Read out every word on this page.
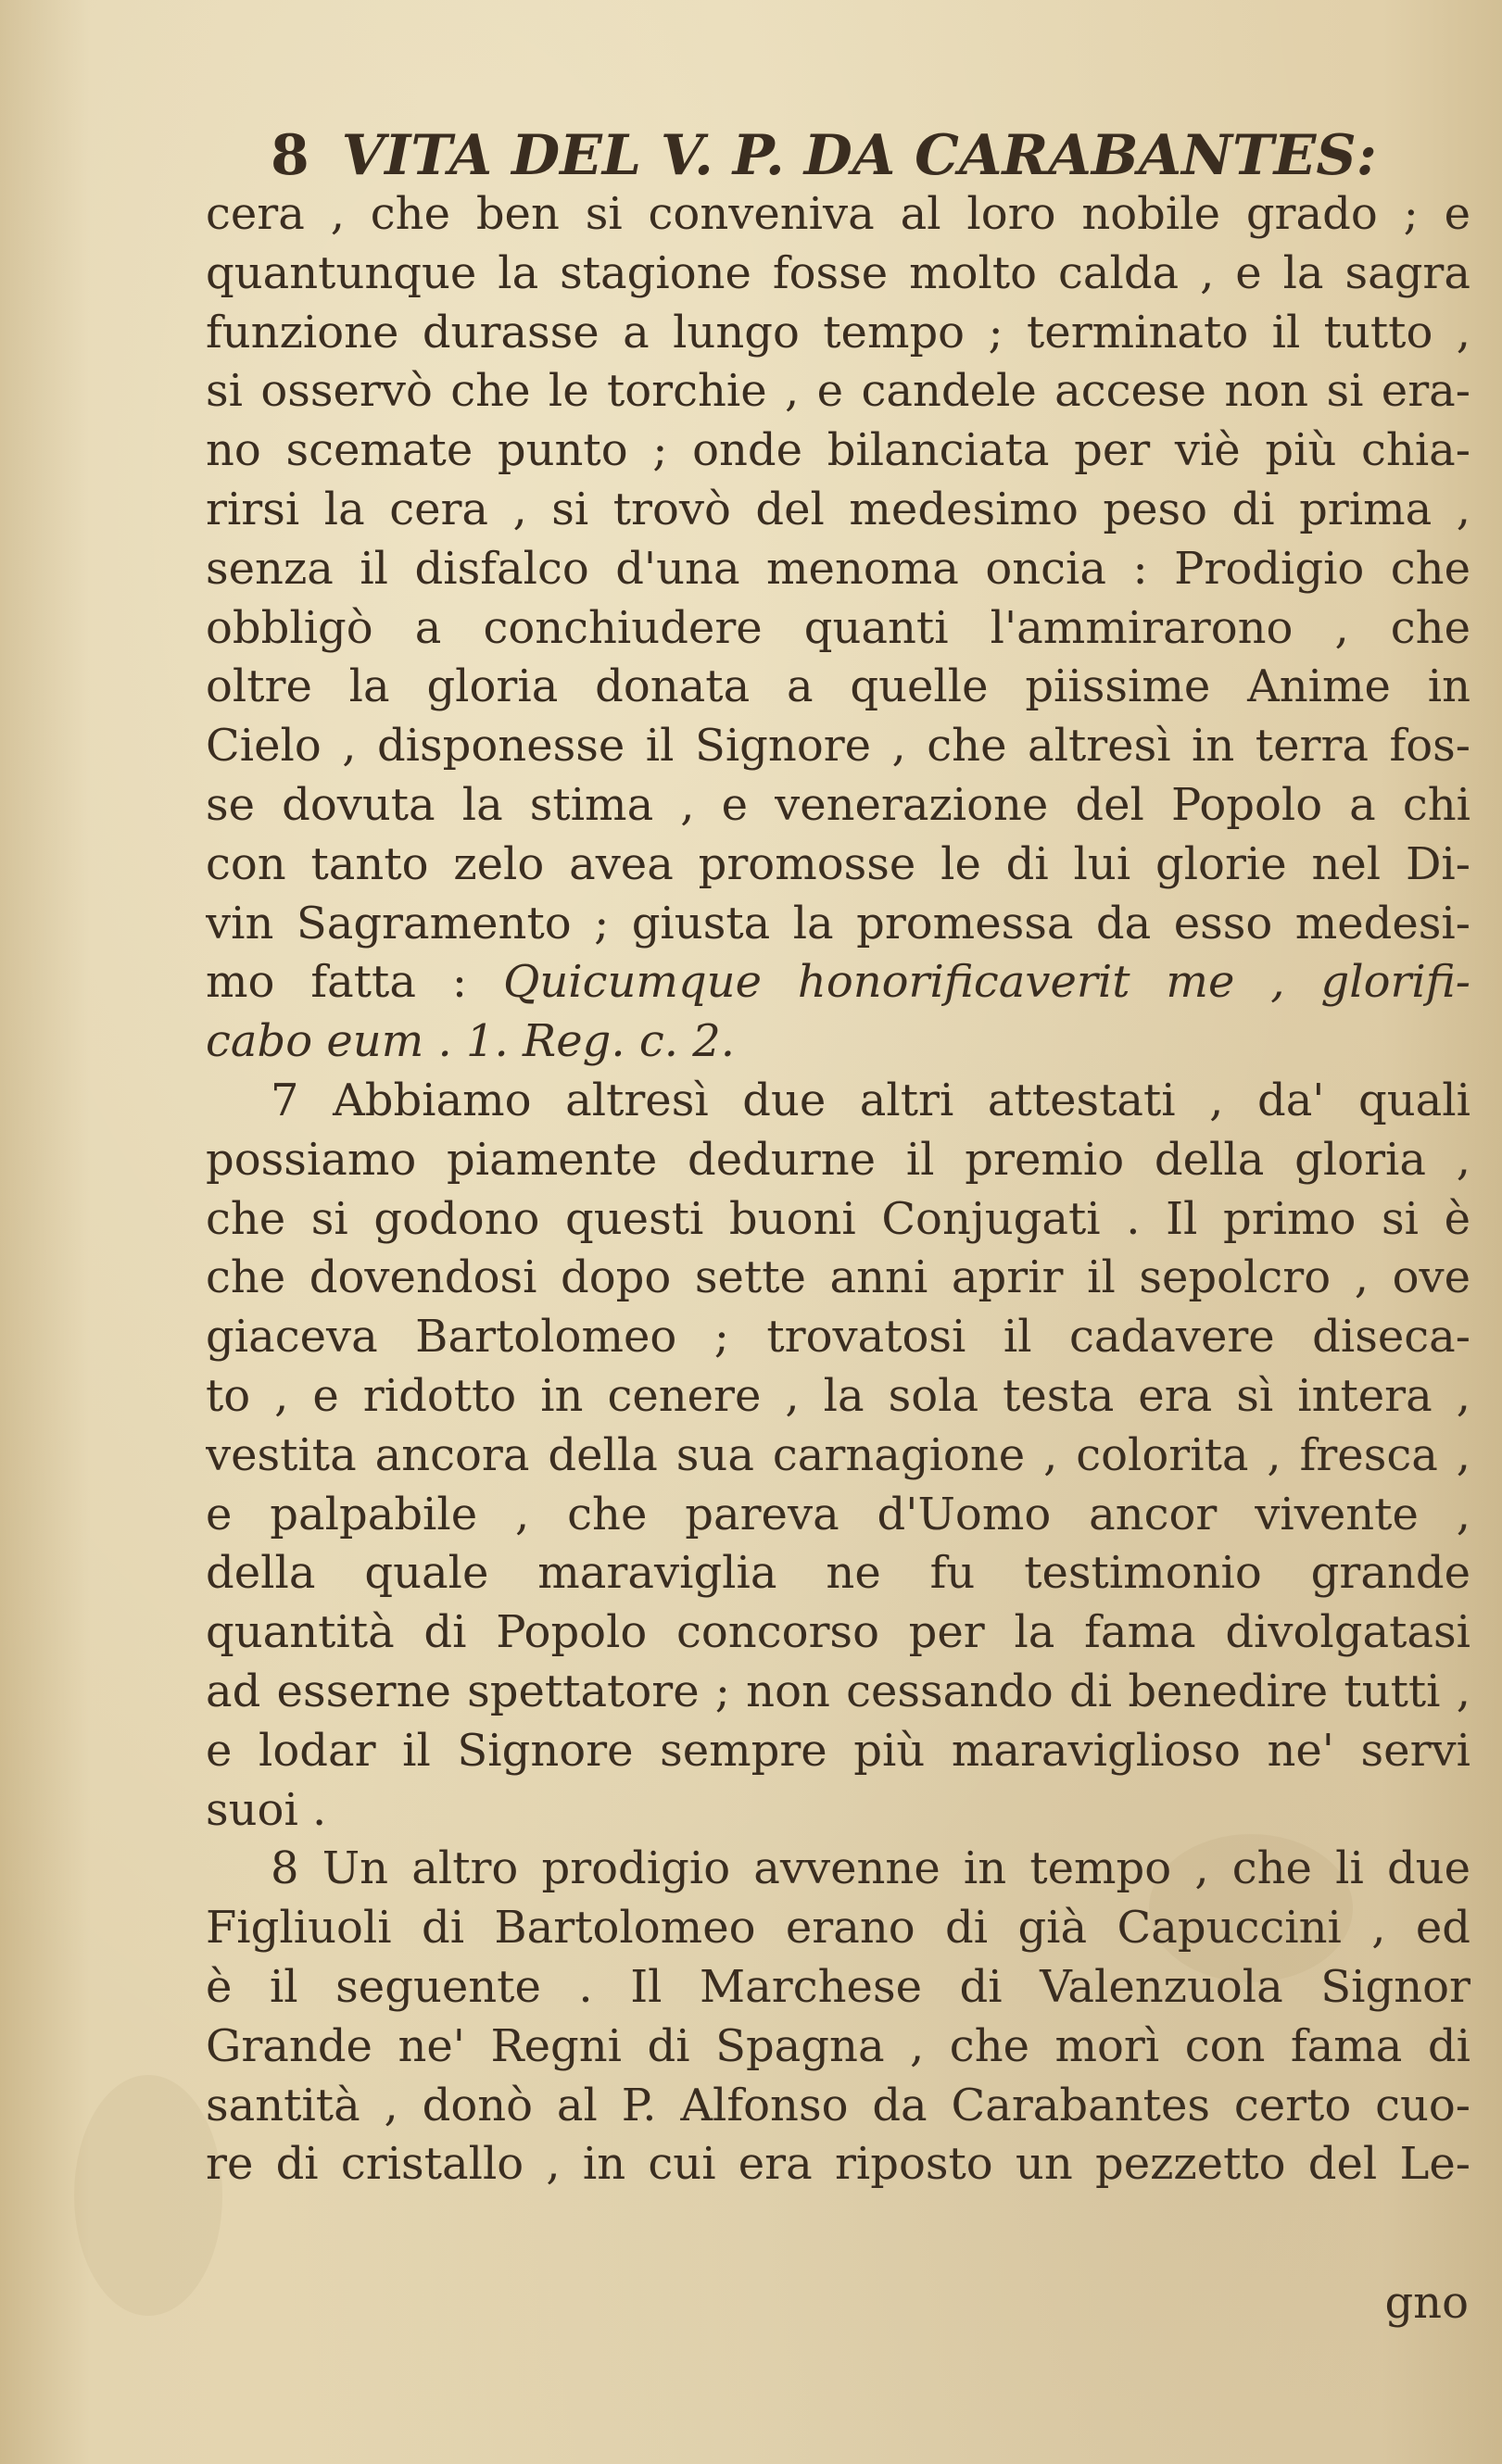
8 VITA DEL V. P. DA CARABANTES:
cera , che ben si conveniva al loro nobile grado ; e
quantunque la stagione fosse molto calda , e la sagra
funzione durasse a lungo tempo ; terminato il tutto ,
si osservò che le torchie , e candele accese non si era-
no scemate punto ; onde bilanciata per viè più chia-
rirsi la cera , si trovò del medesimo peso di prima ,
senza il disfalco d'una menoma oncia : Prodigio che
obbligò a conchiudere quanti l'ammirarono , che
oltre la gloria donata a quelle piissime Anime in
Cielo , disponesse il Signore , che altresì in terra fos-
se dovuta la stima , e venerazione del Popolo a chi
con tanto zelo avea promosse le di lui glorie nel Di-
vin Sagramento ; giusta la promessa da esso medesi-
mo fatta : Quicumque honorificaverit me , glorifi-
cabo eum . 1. Reg. c. 2.
7 Abbiamo altresì due altri attestati , da' quali
possiamo piamente dedurne il premio della gloria ,
che si godono questi buoni Conjugati . Il primo si è
che dovendosi dopo sette anni aprir il sepolcro , ove
giaceva Bartolomeo ; trovatosi il cadavere diseca-
to , e ridotto in cenere , la sola testa era sì intera ,
vestita ancora della sua carnagione , colorita , fresca ,
e palpabile , che pareva d'Uomo ancor vivente ,
della quale maraviglia ne fu testimonio grande
quantità di Popolo concorso per la fama divolgatasi
ad esserne spettatore ; non cessando di benedire tutti ,
e lodar il Signore sempre più maraviglioso ne' servi
suoi .
8 Un altro prodigio avvenne in tempo , che li due
Figliuoli di Bartolomeo erano di già Capuccini , ed
è il seguente . Il Marchese di Valenzuola Signor
Grande ne' Regni di Spagna , che morì con fama di
santità , donò al P. Alfonso da Carabantes certo cuo-
re di cristallo , in cui era riposto un pezzetto del Le-
gno
